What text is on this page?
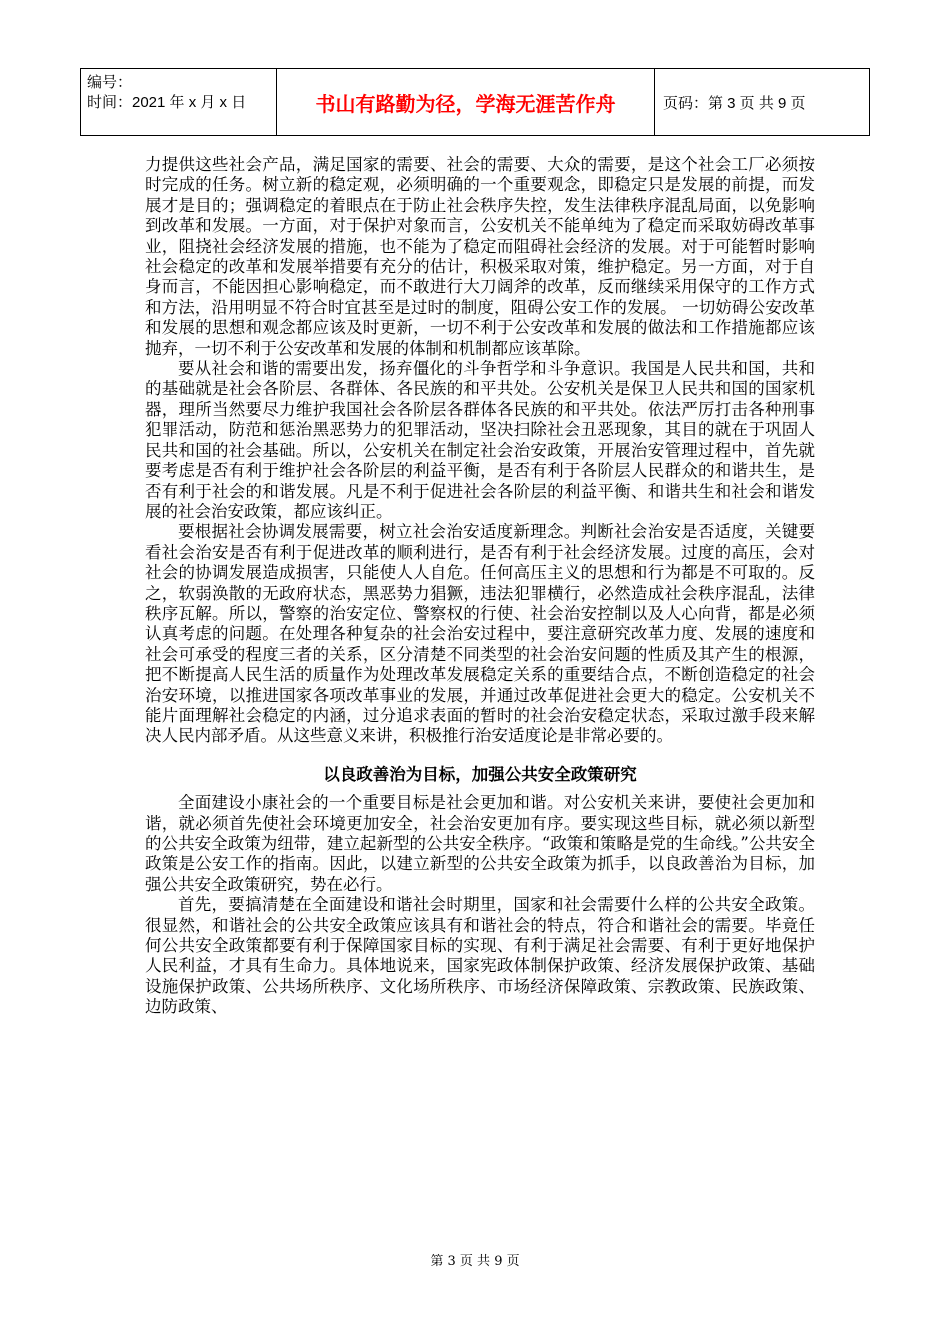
编号：
时间：2021 年 x 月 x 日	书山有路勤为径，学海无涯苦作舟	页码：第 3 页 共 9 页

力提供这些社会产品，满足国家的需要、社会的需要、大众的需要，是这个社会工厂必须按时完成的任务。树立新的稳定观，必须明确的一个重要观念，即稳定只是发展的前提，而发展才是目的；强调稳定的着眼点在于防止社会秩序失控，发生法律秩序混乱局面，以免影响到改革和发展。一方面，对于保护对象而言，公安机关不能单纯为了稳定而采取妨碍改革事业，阻挠社会经济发展的措施，也不能为了稳定而阻碍社会经济的发展。对于可能暂时影响社会稳定的改革和发展举措要有充分的估计，积极采取对策，维护稳定。另一方面，对于自身而言，不能因担心影响稳定，而不敢进行大刀阔斧的改革，反而继续采用保守的工作方式和方法，沿用明显不符合时宜甚至是过时的制度，阻碍公安工作的发展。 一切妨碍公安改革和发展的思想和观念都应该及时更新，一切不利于公安改革和发展的做法和工作措施都应该抛弃，一切不利于公安改革和发展的体制和机制都应该革除。

要从社会和谐的需要出发，扬弃僵化的斗争哲学和斗争意识。我国是人民共和国，共和的基础就是社会各阶层、各群体、各民族的和平共处。公安机关是保卫人民共和国的国家机器，理所当然要尽力维护我国社会各阶层各群体各民族的和平共处。依法严厉打击各种刑事犯罪活动，防范和惩治黑恶势力的犯罪活动，坚决扫除社会丑恶现象，其目的就在于巩固人民共和国的社会基础。所以，公安机关在制定社会治安政策，开展治安管理过程中，首先就要考虑是否有利于维护社会各阶层的利益平衡，是否有利于各阶层人民群众的和谐共生，是否有利于社会的和谐发展。凡是不利于促进社会各阶层的利益平衡、和谐共生和社会和谐发展的社会治安政策，都应该纠正。

要根据社会协调发展需要，树立社会治安适度新理念。判断社会治安是否适度，关键要看社会治安是否有利于促进改革的顺利进行，是否有利于社会经济发展。过度的高压，会对社会的协调发展造成损害，只能使人人自危。任何高压主义的思想和行为都是不可取的。反之，软弱涣散的无政府状态，黑恶势力猖獗，违法犯罪横行，必然造成社会秩序混乱，法律秩序瓦解。所以，警察的治安定位、警察权的行使、社会治安控制以及人心向背，都是必须认真考虑的问题。在处理各种复杂的社会治安过程中，要注意研究改革力度、发展的速度和社会可承受的程度三者的关系，区分清楚不同类型的社会治安问题的性质及其产生的根源，把不断提高人民生活的质量作为处理改革发展稳定关系的重要结合点，不断创造稳定的社会治安环境，以推进国家各项改革事业的发展，并通过改革促进社会更大的稳定。公安机关不能片面理解社会稳定的内涵，过分追求表面的暂时的社会治安稳定状态，采取过激手段来解决人民内部矛盾。从这些意义来讲，积极推行治安适度论是非常必要的。

以良政善治为目标，加强公共安全政策研究

全面建设小康社会的一个重要目标是社会更加和谐。对公安机关来讲，要使社会更加和谐，就必须首先使社会环境更加安全，社会治安更加有序。要实现这些目标，就必须以新型的公共安全政策为纽带，建立起新型的公共安全秩序。“政策和策略是党的生命线。”公共安全政策是公安工作的指南。因此，以建立新型的公共安全政策为抓手，以良政善治为目标，加强公共安全政策研究，势在必行。

首先，要搞清楚在全面建设和谐社会时期里，国家和社会需要什么样的公共安全政策。很显然，和谐社会的公共安全政策应该具有和谐社会的特点，符合和谐社会的需要。毕竟任何公共安全政策都要有利于保障国家目标的实现、有利于满足社会需要、有利于更好地保护人民利益，才具有生命力。具体地说来，国家宪政体制保护政策、经济发展保护政策、基础设施保护政策、公共场所秩序、文化场所秩序、市场经济保障政策、宗教政策、民族政策、边防政策、

第 3 页 共 9 页
